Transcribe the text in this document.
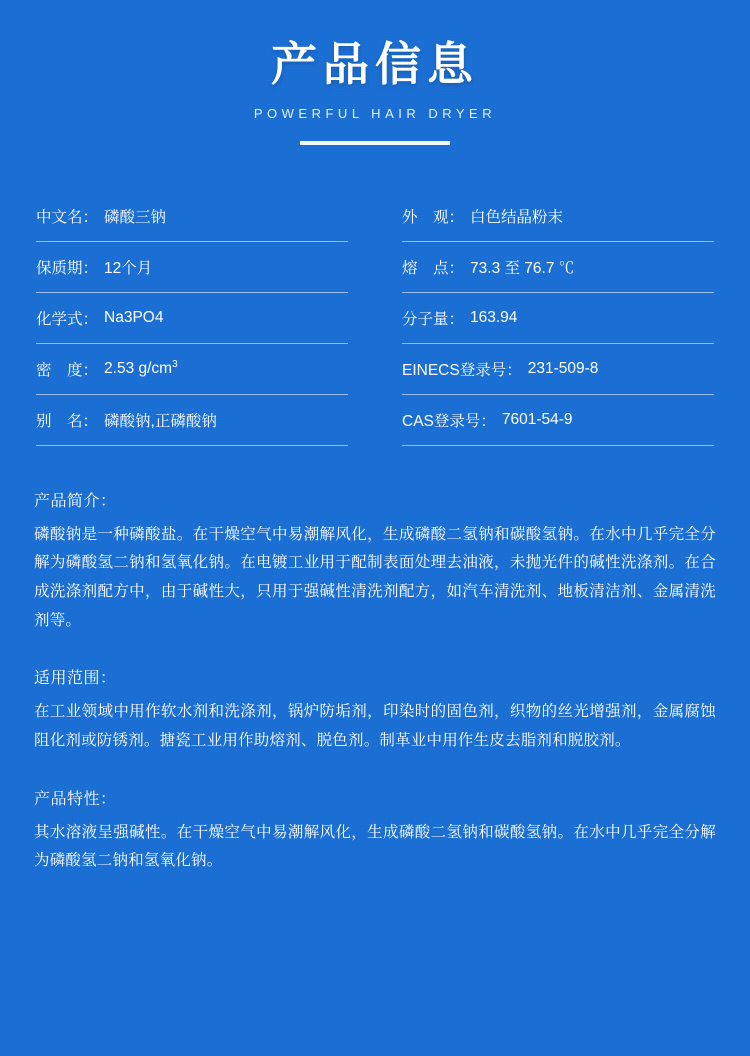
产品信息
POWERFUL HAIR DRYER
中文名： 磷酸三钠
保质期： 12个月
化学式： Na3PO4
密　度： 2.53 $g/cm^3$
别　名： 磷酸钠,正磷酸钠
外　观： 白色结晶粉末
熔　点： 73.3 至 76.7 ℃
分子量： 163.94
EINECS登录号： 231-509-8
CAS登录号： 7601-54-9
产品简介：
磷酸钠是一种磷酸盐。在干燥空气中易潮解风化，生成磷酸二氢钠和碳酸氢钠。在水中几乎完全分解为磷酸氢二钠和氢氧化钠。在电镀工业用于配制表面处理去油液，未抛光件的碱性洗涤剂。在合成洗涤剂配方中，由于碱性大，只用于强碱性清洗剂配方，如汽车清洗剂、地板清洁剂、金属清洗剂等。
适用范围：
在工业领域中用作软水剂和洗涤剂，锅炉防垢剂，印染时的固色剂，织物的丝光增强剂，金属腐蚀阻化剂或防锈剂。搪瓷工业用作助熔剂、脱色剂。制革业中用作生皮去脂剂和脱胶剂。
产品特性：
其水溶液呈强碱性。在干燥空气中易潮解风化，生成磷酸二氢钠和碳酸氢钠。在水中几乎完全分解为磷酸氢二钠和氢氧化钠。
